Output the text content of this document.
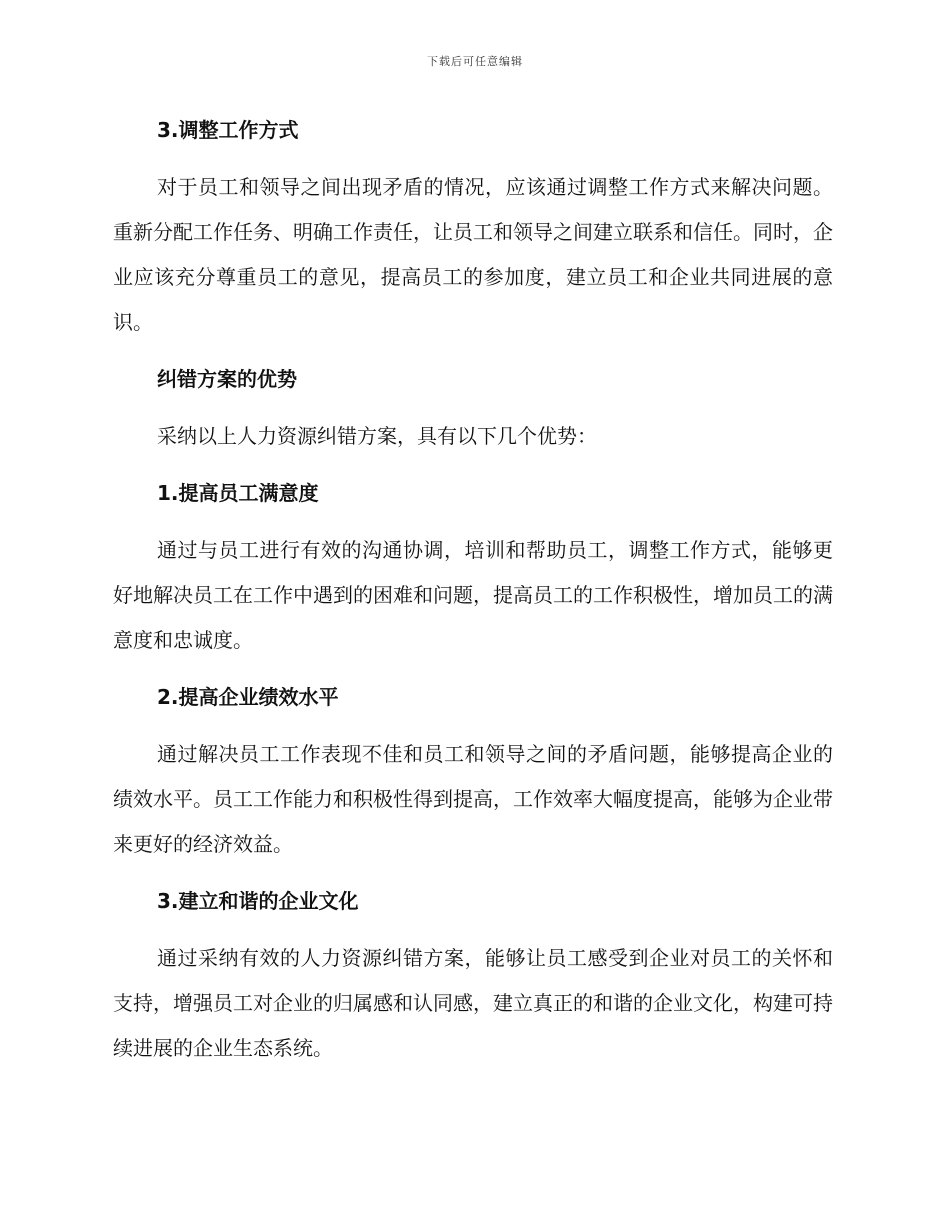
下载后可任意编辑
3.调整工作方式

对于员工和领导之间出现矛盾的情况，应该通过调整工作方式来解决问题。重新分配工作任务、明确工作责任，让员工和领导之间建立联系和信任。同时，企业应该充分尊重员工的意见，提高员工的参加度，建立员工和企业共同进展的意识。

纠错方案的优势

采纳以上人力资源纠错方案，具有以下几个优势：

1.提高员工满意度

通过与员工进行有效的沟通协调，培训和帮助员工，调整工作方式，能够更好地解决员工在工作中遇到的困难和问题，提高员工的工作积极性，增加员工的满意度和忠诚度。

2.提高企业绩效水平

通过解决员工工作表现不佳和员工和领导之间的矛盾问题，能够提高企业的绩效水平。员工工作能力和积极性得到提高，工作效率大幅度提高，能够为企业带来更好的经济效益。

3.建立和谐的企业文化

通过采纳有效的人力资源纠错方案，能够让员工感受到企业对员工的关怀和支持，增强员工对企业的归属感和认同感，建立真正的和谐的企业文化，构建可持续进展的企业生态系统。
